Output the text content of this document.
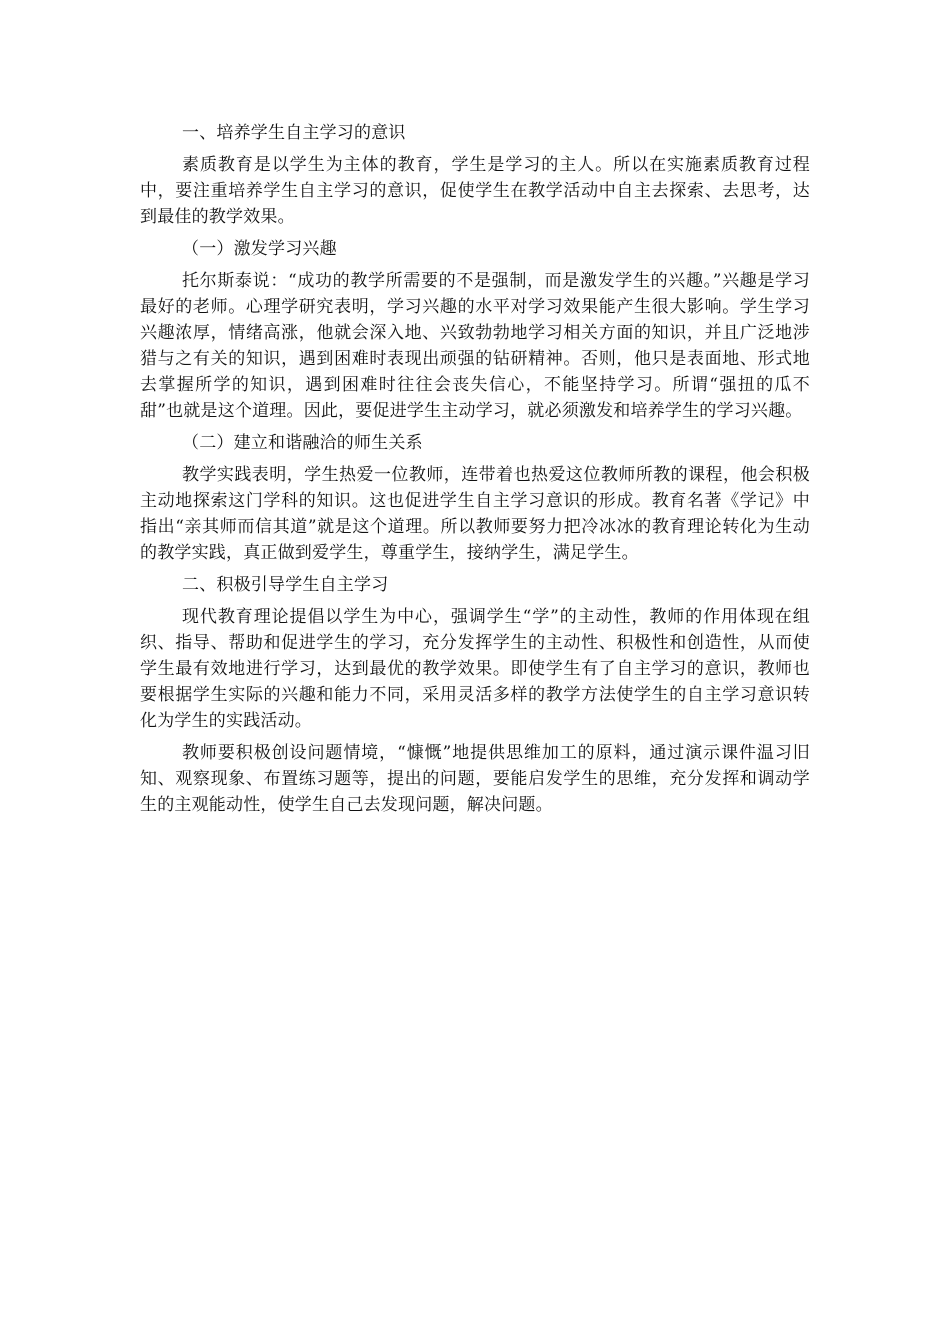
一、培养学生自主学习的意识

素质教育是以学生为主体的教育，学生是学习的主人。所以在实施素质教育过程中，要注重培养学生自主学习的意识，促使学生在教学活动中自主去探索、去思考，达到最佳的教学效果。

（一）激发学习兴趣

托尔斯泰说：“成功的教学所需要的不是强制，而是激发学生的兴趣。”兴趣是学习最好的老师。心理学研究表明，学习兴趣的水平对学习效果能产生很大影响。学生学习兴趣浓厚，情绪高涨，他就会深入地、兴致勃勃地学习相关方面的知识，并且广泛地涉猎与之有关的知识，遇到困难时表现出顽强的钻研精神。否则，他只是表面地、形式地去掌握所学的知识，遇到困难时往往会丧失信心，不能坚持学习。所谓“强扭的瓜不甜”也就是这个道理。因此，要促进学生主动学习，就必须激发和培养学生的学习兴趣。

（二）建立和谐融洽的师生关系

教学实践表明，学生热爱一位教师，连带着也热爱这位教师所教的课程，他会积极主动地探索这门学科的知识。这也促进学生自主学习意识的形成。教育名著《学记》中指出“亲其师而信其道”就是这个道理。所以教师要努力把冷冰冰的教育理论转化为生动的教学实践，真正做到爱学生，尊重学生，接纳学生，满足学生。

二、积极引导学生自主学习

现代教育理论提倡以学生为中心，强调学生“学”的主动性，教师的作用体现在组织、指导、帮助和促进学生的学习，充分发挥学生的主动性、积极性和创造性，从而使学生最有效地进行学习，达到最优的教学效果。即使学生有了自主学习的意识，教师也要根据学生实际的兴趣和能力不同，采用灵活多样的教学方法使学生的自主学习意识转化为学生的实践活动。

教师要积极创设问题情境，“慷慨”地提供思维加工的原料，通过演示课件温习旧知、观察现象、布置练习题等，提出的问题，要能启发学生的思维，充分发挥和调动学生的主观能动性，使学生自己去发现问题，解决问题。
